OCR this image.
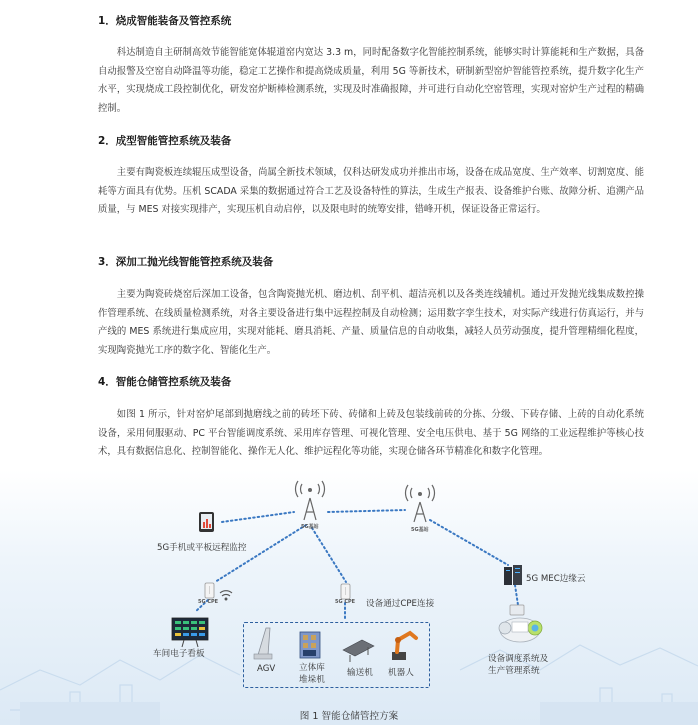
1．烧成智能装备及管控系统

科达制造自主研制高效节能智能宽体辊道窑内宽达 3.3 m，同时配备数字化智能控制系统，能够实时计算能耗和生产数据，具备自动报警及空窑自动降温等功能，稳定工艺操作和提高烧成质量，利用 5G 等新技术，研制新型窑炉智能管控系统，提升数字化生产水平，实现烧成工段控制优化，研发窑炉断棒检测系统，实现及时准确报障，并可进行自动化空窑管理，实现对窑炉生产过程的精确控制。

2．成型智能管控系统及装备

主要有陶瓷板连续辊压成型设备，尚属全新技术领域，仅科达研发成功并推出市场，设备在成品宽度、生产效率、切割宽度、能耗等方面具有优势。压机 SCADA 采集的数据通过符合工艺及设备特性的算法，生成生产报表、设备维护台账、故障分析、追溯产品质量，与 MES 对接实现排产，实现压机自动启停，以及限电时的统筹安排，错峰开机，保证设备正常运行。

3．深加工抛光线智能管控系统及装备

主要为陶瓷砖烧窑后深加工设备，包含陶瓷抛光机、磨边机、刮平机、超洁亮机以及各类连线辅机。通过开发抛光线集成数控操作管理系统、在线质量检测系统，对各主要设备进行集中远程控制及自动检测；运用数字孪生技术，对实际产线进行仿真运行，并与产线的 MES 系统进行集成应用，实现对能耗、磨具消耗、产量、质量信息的自动收集，减轻人员劳动强度，提升管理精细化程度，实现陶瓷抛光工序的数字化、智能化生产。

4．智能仓储管控系统及装备

如图 1 所示，针对窑炉尾部到抛磨线之前的砖坯下砖、砖储和上砖及包装线前砖的分拣、分级、下砖存储、上砖的自动化系统设备，采用伺服驱动、PC 平台智能调度系统、采用库存管理、可视化管理、安全电压供电、基于 5G 网络的工业远程维护等核心技术，具有数据信息化、控制智能化、操作无人化、维护远程化等功能，实现仓储各环节精准化和数字化管理。

5G基站	5G基站
5G CPE	5G CPE
5G手机或平板远程监控
5G MEC边缘云
设备通过CPE连接
车间电子看板
AGV	立体库
堆垛机
输送机 机器人
设备调度系统及
生产管理系统
图 1 智能仓储管控方案
